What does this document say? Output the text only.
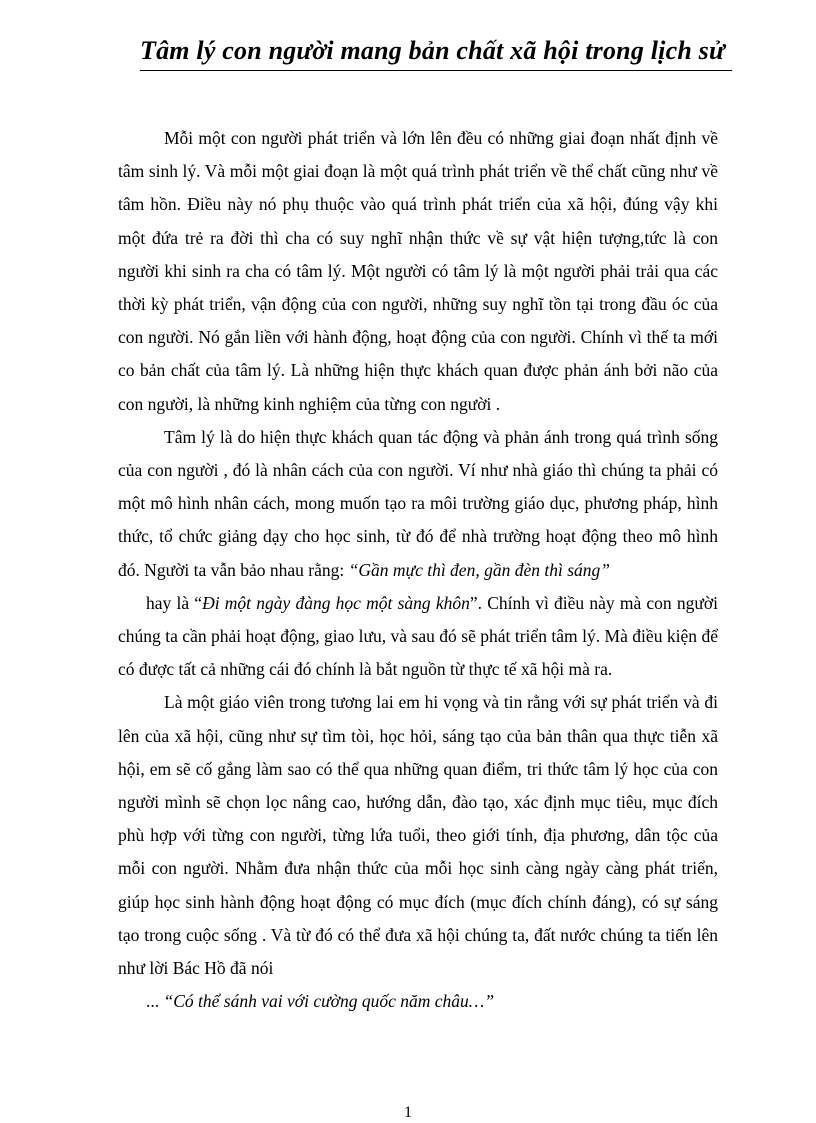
Tâm lý con người mang bản chất xã hội trong lịch sử

Mỗi một con người phát triển và lớn lên đều có những giai đoạn nhất định về tâm sinh lý. Và mỗi một giai đoạn là một quá trình phát triển về thể chất cũng như về tâm hồn. Điều này nó phụ thuộc vào quá trình phát triển của xã hội, đúng vậy khi một đứa trẻ ra đời thì cha có suy nghĩ nhận thức về sự vật hiện tượng,tức là con người khi sinh ra cha có tâm lý. Một người có tâm lý là một người phải trải qua các thời kỳ phát triển, vận động của con người, những suy nghĩ tồn tại trong đầu óc của con người. Nó gắn liền với hành động, hoạt động của con người. Chính vì thế ta mới co bản chất của tâm lý. Là những hiện thực khách quan được phản ánh bởi não của con người, là những kinh nghiệm của từng con người .

Tâm lý là do hiện thực khách quan tác động và phản ánh trong quá trình sống của con người , đó là nhân cách của con người. Ví như nhà giáo thì chúng ta phải có một mô hình nhân cách, mong muốn tạo ra môi trường giáo dục, phương pháp, hình thức, tổ chức giảng dạy cho học sinh, từ đó để nhà trường hoạt động theo mô hình đó. Người ta vẫn bảo nhau rằng: “Gần mực thì đen, gần đèn thì sáng”

hay là “Đi một ngày đàng học một sàng khôn”. Chính vì điều này mà con người chúng ta cần phải hoạt động, giao lưu, và sau đó sẽ phát triển tâm lý. Mà điều kiện để có được tất cả những cái đó chính là bắt nguồn từ thực tế xã hội mà ra.

Là một giáo viên trong tương lai em hi vọng và tin rằng với sự phát triển và đi lên của xã hội, cũng như sự tìm tòi, học hỏi, sáng tạo của bản thân qua thực tiễn xã hội, em sẽ cố gắng làm sao có thể qua những quan điểm, tri thức tâm lý học của con người mình sẽ chọn lọc nâng cao, hướng dẫn, đào tạo, xác định mục tiêu, mục đích phù hợp với từng con người, từng lứa tuổi, theo giới tính, địa phương, dân tộc của mỗi con người. Nhằm đưa nhận thức của mỗi học sinh càng ngày càng phát triển, giúp học sinh hành động hoạt động có mục đích (mục đích chính đáng), có sự sáng tạo trong cuộc sống . Và từ đó có thể đưa xã hội chúng ta, đất nước chúng ta tiến lên như lời Bác Hồ đã nói

... “Có thể sánh vai với cường quốc năm châu…”

1
